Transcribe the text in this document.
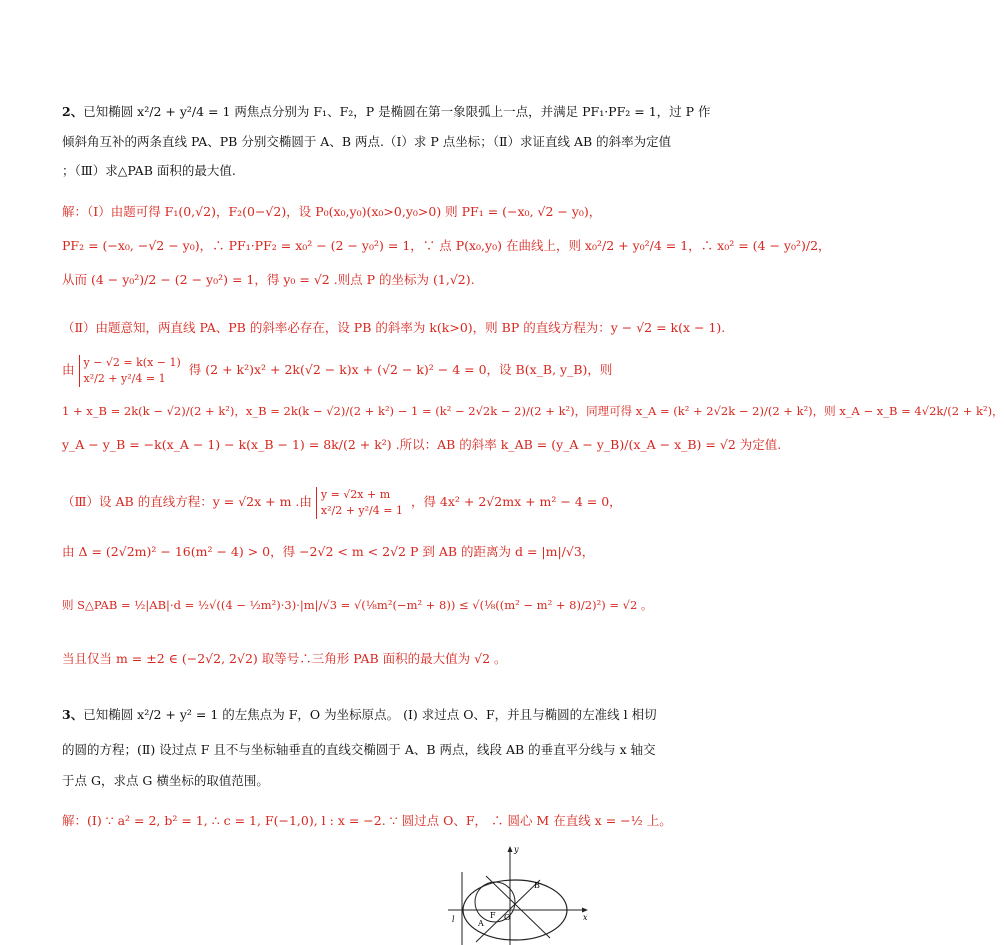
2、已知椭圆 x²/2 + y²/4 = 1 两焦点分别为 F₁、F₂，P 是椭圆在第一象限弧上一点，并满足 PF₁·PF₂ = 1，过 P 作
倾斜角互补的两条直线 PA、PB 分别交椭圆于 A、B 两点.（Ⅰ）求 P 点坐标；（Ⅱ）求证直线 AB 的斜率为定值
；（Ⅲ）求△PAB 面积的最大值.
解：（Ⅰ）由题可得 F₁(0,√2)，F₂(0−√2)，设 P₀(x₀,y₀)(x₀>0,y₀>0) 则 PF₁ = (−x₀, √2 − y₀)，
PF₂ = (−x₀, −√2 − y₀)，∴ PF₁·PF₂ = x₀² − (2 − y₀²) = 1，∵ 点 P(x₀,y₀) 在曲线上，则 x₀²/2 + y₀²/4 = 1，∴ x₀² = (4 − y₀²)/2，
从而 (4 − y₀²)/2 − (2 − y₀²) = 1，得 y₀ = √2 .则点 P 的坐标为 (1,√2).
（Ⅱ）由题意知，两直线 PA、PB 的斜率必存在，设 PB 的斜率为 k(k>0)，则 BP 的直线方程为：y − √2 = k(x − 1).
由 y − √2 = k(x − 1)
x²/2 + y²/4 = 1
得 (2 + k²)x² + 2k(√2 − k)x + (√2 − k)² − 4 = 0，设 B(x_B, y_B)，则
1 + x_B = 2k(k − √2)/(2 + k²)，x_B = 2k(k − √2)/(2 + k²) − 1 = (k² − 2√2k − 2)/(2 + k²)，同理可得 x_A = (k² + 2√2k − 2)/(2 + k²)，则 x_A − x_B = 4√2k/(2 + k²)，
y_A − y_B = −k(x_A − 1) − k(x_B − 1) = 8k/(2 + k²) .所以：AB 的斜率 k_AB = (y_A − y_B)/(x_A − x_B) = √2 为定值.
（Ⅲ）设 AB 的直线方程：y = √2x + m .由 y = √2x + m
x²/2 + y²/4 = 1
，得 4x² + 2√2mx + m² − 4 = 0，
由 Δ = (2√2m)² − 16(m² − 4) > 0，得 −2√2 < m < 2√2 P 到 AB 的距离为 d = |m|/√3，
则 S△PAB = ½|AB|·d = ½√((4 − ½m²)·3)·|m|/√3 = √(⅛m²(−m² + 8)) ≤ √(⅛((m² − m² + 8)/2)²) = √2 。
当且仅当 m = ±2 ∈ (−2√2, 2√2) 取等号∴三角形 PAB 面积的最大值为 √2 。
3、已知椭圆 x²/2 + y² = 1 的左焦点为 F，O 为坐标原点。 (Ⅰ) 求过点 O、F，并且与椭圆的左准线 l 相切
的圆的方程；(Ⅱ) 设过点 F 且不与坐标轴垂直的直线交椭圆于 A、B 两点，线段 AB 的垂直平分线与 x 轴交
于点 G，求点 G 横坐标的取值范围。
解：(Ⅰ) ∵ a² = 2, b² = 1, ∴ c = 1, F(−1,0), l : x = −2. ∵ 圆过点 O、F， ∴ 圆心 M 在直线 x = −½ 上。
y
x
l	A
F O
B
